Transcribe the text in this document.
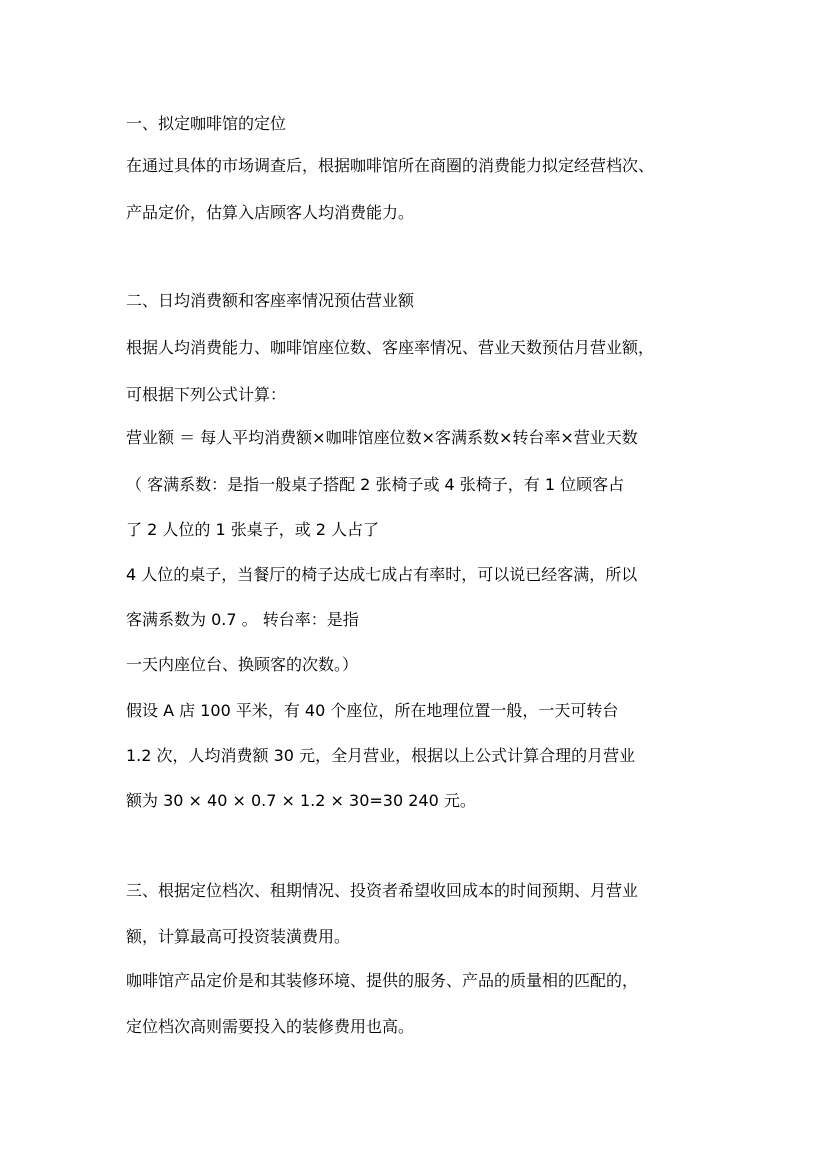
一、拟定咖啡馆的定位

在通过具体的市场调查后，根据咖啡馆所在商圈的消费能力拟定经营档次、

产品定价，估算入店顾客人均消费能力。

二、日均消费额和客座率情况预估营业额

根据人均消费能力、咖啡馆座位数、客座率情况、营业天数预估月营业额，

可根据下列公式计算：

营业额 ＝ 每人平均消费额×咖啡馆座位数×客满系数×转台率×营业天数

（ 客满系数：是指一般桌子搭配 2 张椅子或 4 张椅子，有 1 位顾客占

了 2 人位的 1 张桌子，或 2 人占了

4 人位的桌子，当餐厅的椅子达成七成占有率时，可以说已经客满，所以

客满系数为 0.7 。 转台率：是指

一天内座位台、换顾客的次数。）

假设 A 店 100 平米，有 40 个座位，所在地理位置一般，一天可转台

1.2 次，人均消费额 30 元，全月营业，根据以上公式计算合理的月营业

额为 30 × 40 × 0.7 × 1.2 × 30=30 240 元。

三、根据定位档次、租期情况、投资者希望收回成本的时间预期、月营业

额，计算最高可投资装潢费用。

咖啡馆产品定价是和其装修环境、提供的服务、产品的质量相的匹配的，

定位档次高则需要投入的装修费用也高。
